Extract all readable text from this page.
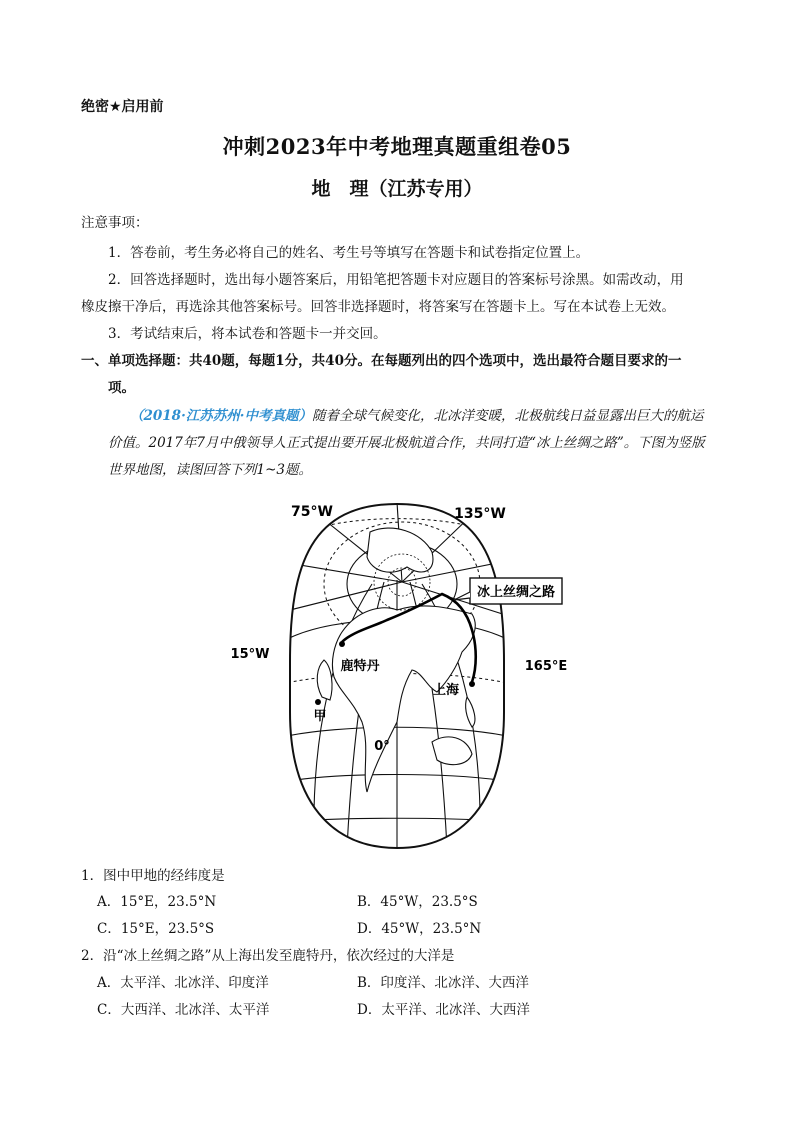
绝密★启用前
冲刺2023年中考地理真题重组卷05
地　理（江苏专用）
注意事项：
1．答卷前，考生务必将自己的姓名、考生号等填写在答题卡和试卷指定位置上。
2．回答选择题时，选出每小题答案后，用铅笔把答题卡对应题目的答案标号涂黑。如需改动，用
橡皮擦干净后，再选涂其他答案标号。回答非选择题时，将答案写在答题卡上。写在本试卷上无效。
3．考试结束后，将本试卷和答题卡一并交回。
一、单项选择题：共40题，每题1分，共40分。在每题列出的四个选项中，选出最符合题目要求的一
项。
（2018·江苏苏州·中考真题）随着全球气候变化，北冰洋变暖，北极航线日益显露出巨大的航运
价值。2017年7月中俄领导人正式提出要开展北极航道合作，共同打造“冰上丝绸之路”。下图为竖版
世界地图，读图回答下列1~3题。
冰上丝绸之路
75°W	135°W
15°W
165°E
0°
鹿特丹
上海
甲
1．图中甲地的经纬度是
A．15°E，23.5°N	B．45°W，23.5°S
C．15°E，23.5°S	D．45°W，23.5°N
2．沿“冰上丝绸之路”从上海出发至鹿特丹，依次经过的大洋是
A．太平洋、北冰洋、印度洋	B．印度洋、北冰洋、大西洋
C．大西洋、北冰洋、太平洋	D．太平洋、北冰洋、大西洋
